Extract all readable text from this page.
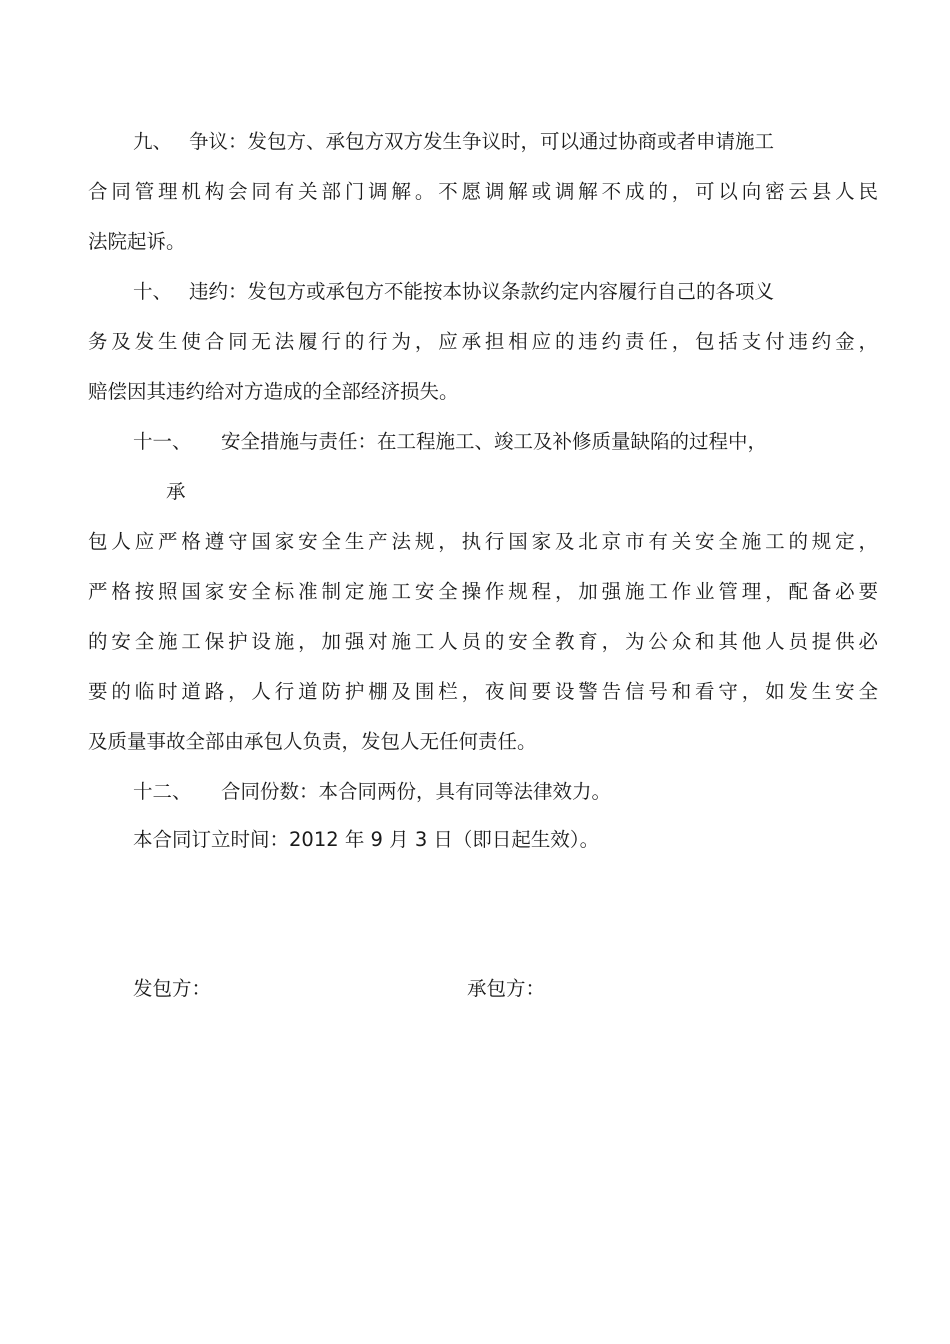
九、 争议：发包方、承包方双方发生争议时，可以通过协商或者申请施工
合同管理机构会同有关部门调解。不愿调解或调解不成的，可以向密云县人民
法院起诉。
十、 违约：发包方或承包方不能按本协议条款约定内容履行自己的各项义
务及发生使合同无法履行的行为，应承担相应的违约责任，包括支付违约金，
赔偿因其违约给对方造成的全部经济损失。
十一、 安全措施与责任：在工程施工、竣工及补修质量缺陷的过程中，
承
包人应严格遵守国家安全生产法规，执行国家及北京市有关安全施工的规定，
严格按照国家安全标准制定施工安全操作规程，加强施工作业管理，配备必要
的安全施工保护设施，加强对施工人员的安全教育，为公众和其他人员提供必
要的临时道路，人行道防护棚及围栏，夜间要设警告信号和看守，如发生安全
及质量事故全部由承包人负责，发包人无任何责任。
十二、 合同份数：本合同两份，具有同等法律效力。
本合同订立时间：2012 年 9 月 3 日（即日起生效）。
发包方：	承包方：
